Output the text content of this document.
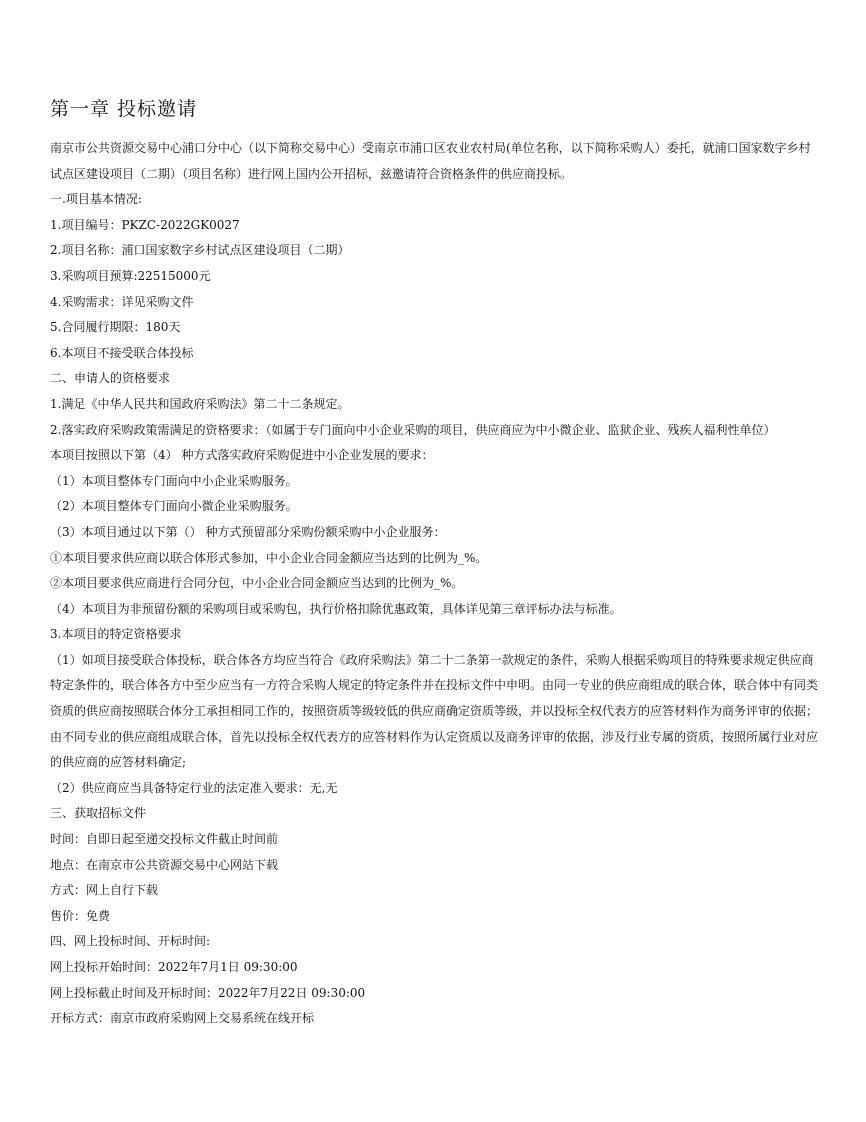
第一章 投标邀请

南京市公共资源交易中心浦口分中心（以下简称交易中心）受南京市浦口区农业农村局(单位名称，以下简称采购人）委托，就浦口国家数字乡村试点区建设项目（二期）（项目名称）进行网上国内公开招标，兹邀请符合资格条件的供应商投标。

一.项目基本情况:

1.项目编号：PKZC-2022GK0027

2.项目名称：浦口国家数字乡村试点区建设项目（二期）

3.采购项目预算:22515000元

4.采购需求：详见采购文件

5.合同履行期限：180天

6.本项目不接受联合体投标

二、申请人的资格要求

1.满足《中华人民共和国政府采购法》第二十二条规定。

2.落实政府采购政策需满足的资格要求：（如属于专门面向中小企业采购的项目，供应商应为中小微企业、监狱企业、残疾人福利性单位）

本项目按照以下第（4） 种方式落实政府采购促进中小企业发展的要求：

（1）本项目整体专门面向中小企业采购服务。

（2）本项目整体专门面向小微企业采购服务。

（3）本项目通过以下第（） 种方式预留部分采购份额采购中小企业服务：

①本项目要求供应商以联合体形式参加，中小企业合同金额应当达到的比例为_%。

②本项目要求供应商进行合同分包，中小企业合同金额应当达到的比例为_%。

（4）本项目为非预留份额的采购项目或采购包，执行价格扣除优惠政策，具体详见第三章评标办法与标准。

3.本项目的特定资格要求

（1）如项目接受联合体投标，联合体各方均应当符合《政府采购法》第二十二条第一款规定的条件，采购人根据采购项目的特殊要求规定供应商特定条件的，联合体各方中至少应当有一方符合采购人规定的特定条件并在投标文件中申明。由同一专业的供应商组成的联合体，联合体中有同类资质的供应商按照联合体分工承担相同工作的，按照资质等级较低的供应商确定资质等级，并以投标全权代表方的应答材料作为商务评审的依据；由不同专业的供应商组成联合体，首先以投标全权代表方的应答材料作为认定资质以及商务评审的依据，涉及行业专属的资质，按照所属行业对应的供应商的应答材料确定;

（2）供应商应当具备特定行业的法定准入要求：无,无

三、获取招标文件

时间：自即日起至递交投标文件截止时间前

地点：在南京市公共资源交易中心网站下载

方式：网上自行下载

售价：免费

四、网上投标时间、开标时间:

网上投标开始时间：2022年7月1日 09:30:00

网上投标截止时间及开标时间：2022年7月22日 09:30:00

开标方式：南京市政府采购网上交易系统在线开标
